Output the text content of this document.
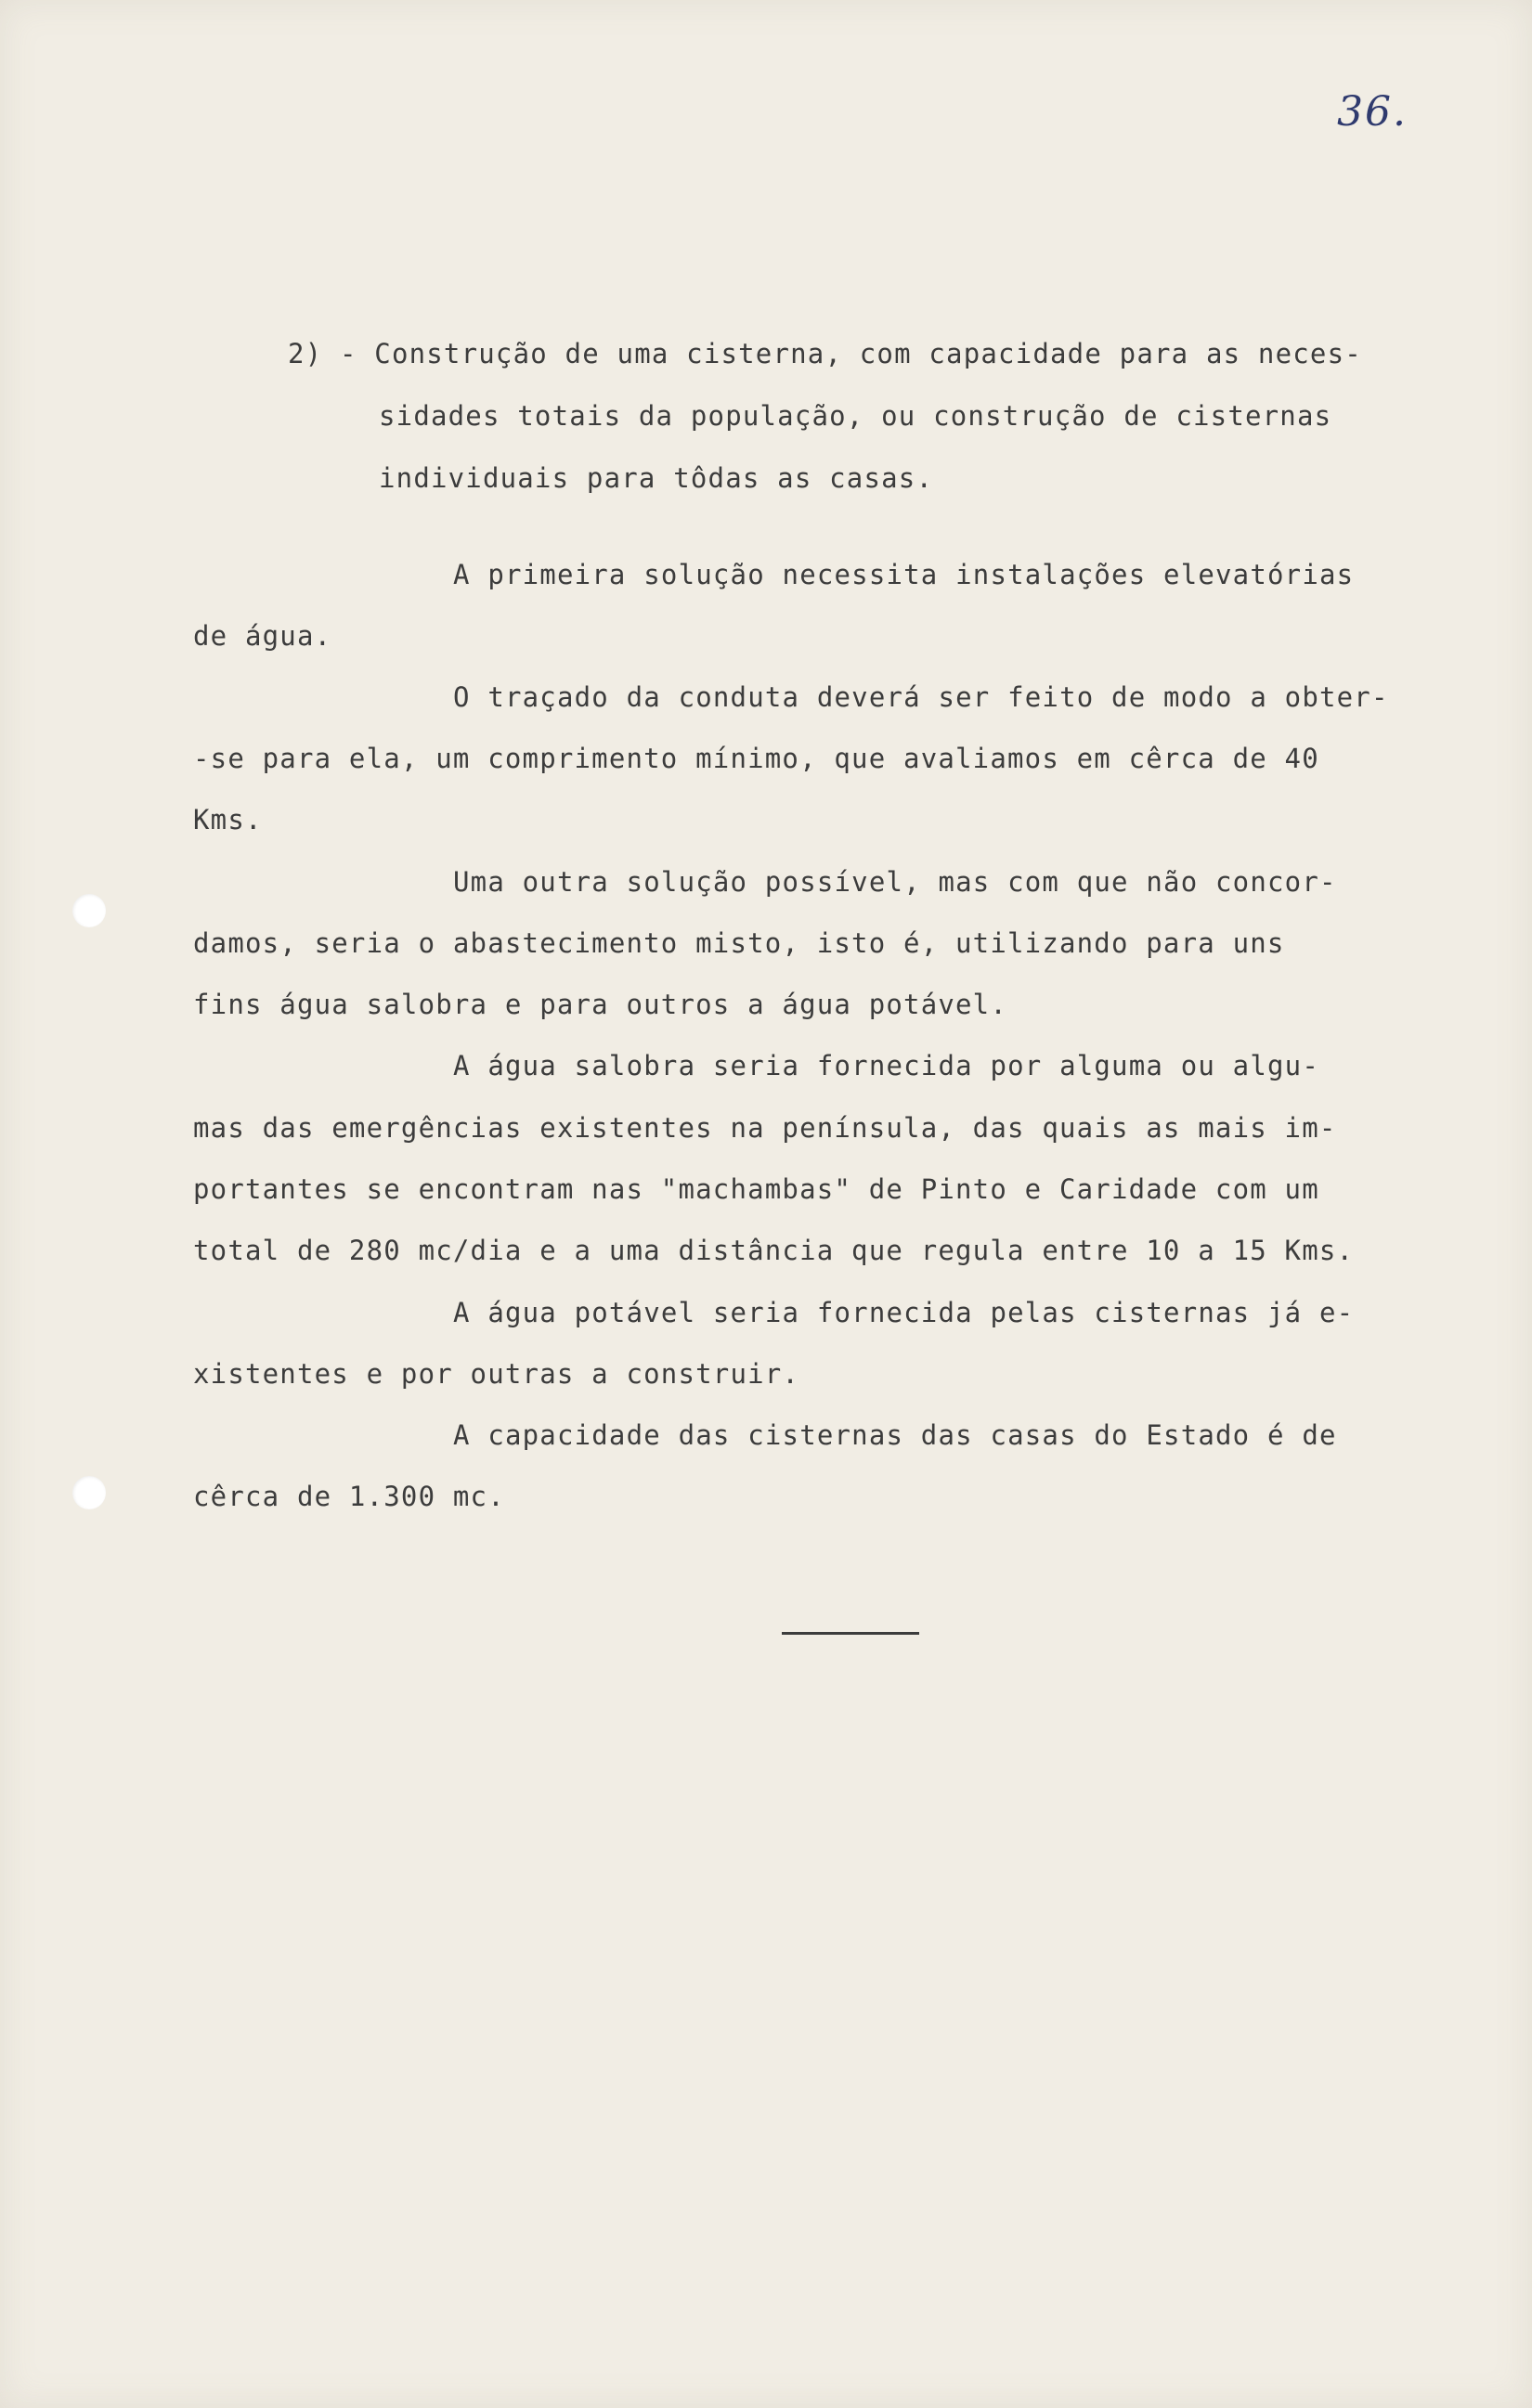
36.
2) - Construção de uma cisterna, com capacidade para as neces-
sidades totais da população, ou construção de cisternas
individuais para tôdas as casas.
A primeira solução necessita instalações elevatórias
de água.
O traçado da conduta deverá ser feito de modo a obter-
-se para ela, um comprimento mínimo, que avaliamos em cêrca de 40
Kms.
Uma outra solução possível, mas com que não concor-
damos, seria o abastecimento misto, isto é, utilizando para uns
fins água salobra e para outros a água potável.
A água salobra seria fornecida por alguma ou algu-
mas das emergências existentes na península, das quais as mais im-
portantes se encontram nas "machambas" de Pinto e Caridade com um
total de 280 mc/dia e a uma distância que regula entre 10 a 15 Kms.
A água potável seria fornecida pelas cisternas já e-
xistentes e por outras a construir.
A capacidade das cisternas das casas do Estado é de
cêrca de 1.300 mc.
